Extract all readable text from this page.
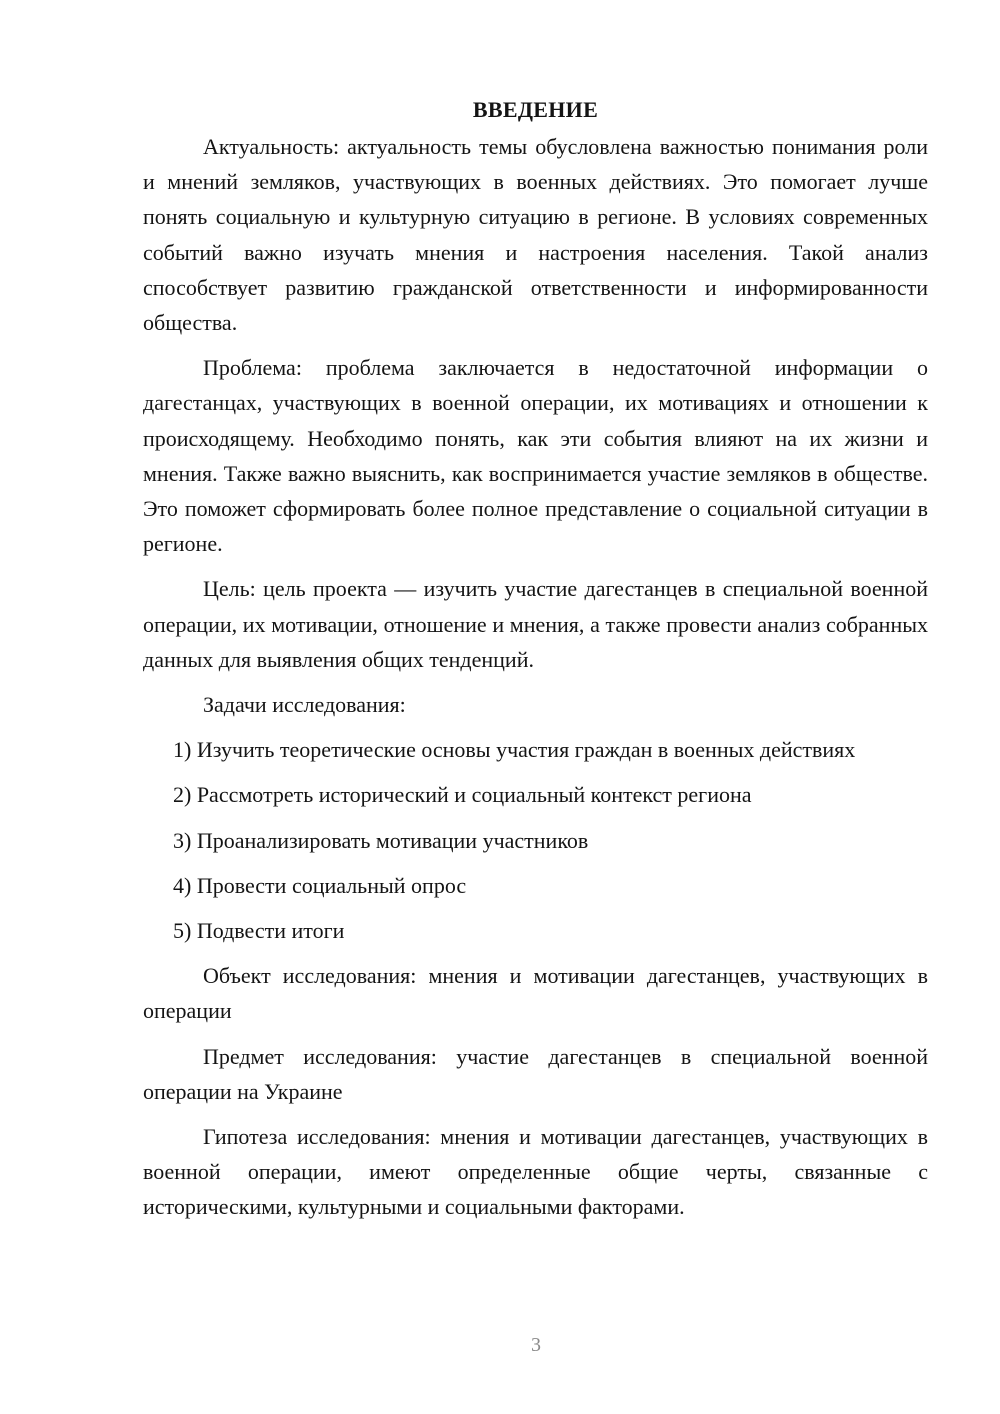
ВВЕДЕНИЕ

Актуальность: актуальность темы обусловлена важностью понимания роли и мнений земляков, участвующих в военных действиях. Это помогает лучше понять социальную и культурную ситуацию в регионе. В условиях современных событий важно изучать мнения и настроения населения. Такой анализ способствует развитию гражданской ответственности и информированности общества.

Проблема: проблема заключается в недостаточной информации о дагестанцах, участвующих в военной операции, их мотивациях и отношении к происходящему. Необходимо понять, как эти события влияют на их жизни и мнения. Также важно выяснить, как воспринимается участие земляков в обществе. Это поможет сформировать более полное представление о социальной ситуации в регионе.

Цель: цель проекта — изучить участие дагестанцев в специальной военной операции, их мотивации, отношение и мнения, а также провести анализ собранных данных для выявления общих тенденций.

Задачи исследования:

1) Изучить теоретические основы участия граждан в военных действиях
2) Рассмотреть исторический и социальный контекст региона
3) Проанализировать мотивации участников
4) Провести социальный опрос
5) Подвести итоги

Объект исследования: мнения и мотивации дагестанцев, участвующих в операции

Предмет исследования: участие дагестанцев в специальной военной операции на Украине

Гипотеза исследования: мнения и мотивации дагестанцев, участвующих в военной операции, имеют определенные общие черты, связанные с историческими, культурными и социальными факторами.

3
